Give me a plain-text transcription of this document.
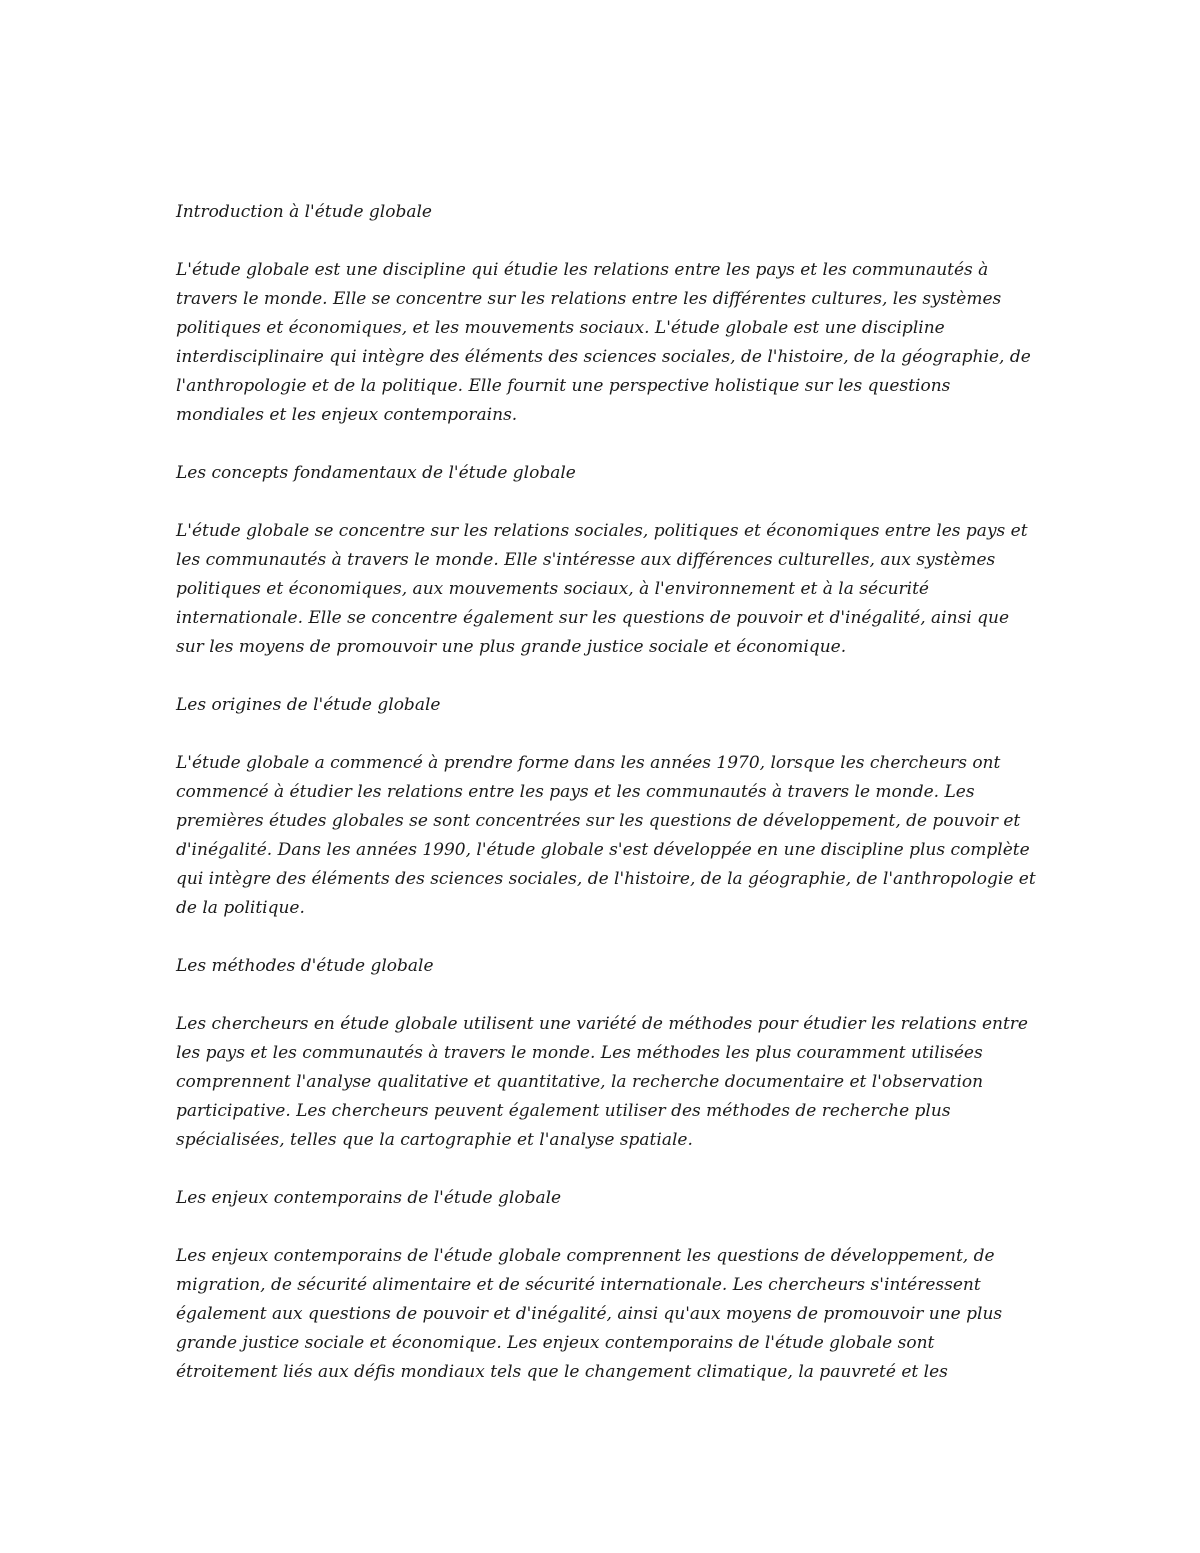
Introduction à l'étude globale

L'étude globale est une discipline qui étudie les relations entre les pays et les communautés à travers le monde. Elle se concentre sur les relations entre les différentes cultures, les systèmes politiques et économiques, et les mouvements sociaux. L'étude globale est une discipline interdisciplinaire qui intègre des éléments des sciences sociales, de l'histoire, de la géographie, de l'anthropologie et de la politique. Elle fournit une perspective holistique sur les questions mondiales et les enjeux contemporains.

Les concepts fondamentaux de l'étude globale

L'étude globale se concentre sur les relations sociales, politiques et économiques entre les pays et les communautés à travers le monde. Elle s'intéresse aux différences culturelles, aux systèmes politiques et économiques, aux mouvements sociaux, à l'environnement et à la sécurité internationale. Elle se concentre également sur les questions de pouvoir et d'inégalité, ainsi que sur les moyens de promouvoir une plus grande justice sociale et économique.

Les origines de l'étude globale

L'étude globale a commencé à prendre forme dans les années 1970, lorsque les chercheurs ont commencé à étudier les relations entre les pays et les communautés à travers le monde. Les premières études globales se sont concentrées sur les questions de développement, de pouvoir et d'inégalité. Dans les années 1990, l'étude globale s'est développée en une discipline plus complète qui intègre des éléments des sciences sociales, de l'histoire, de la géographie, de l'anthropologie et de la politique.

Les méthodes d'étude globale

Les chercheurs en étude globale utilisent une variété de méthodes pour étudier les relations entre les pays et les communautés à travers le monde. Les méthodes les plus couramment utilisées comprennent l'analyse qualitative et quantitative, la recherche documentaire et l'observation participative. Les chercheurs peuvent également utiliser des méthodes de recherche plus spécialisées, telles que la cartographie et l'analyse spatiale.

Les enjeux contemporains de l'étude globale

Les enjeux contemporains de l'étude globale comprennent les questions de développement, de migration, de sécurité alimentaire et de sécurité internationale. Les chercheurs s'intéressent également aux questions de pouvoir et d'inégalité, ainsi qu'aux moyens de promouvoir une plus grande justice sociale et économique. Les enjeux contemporains de l'étude globale sont étroitement liés aux défis mondiaux tels que le changement climatique, la pauvreté et les
